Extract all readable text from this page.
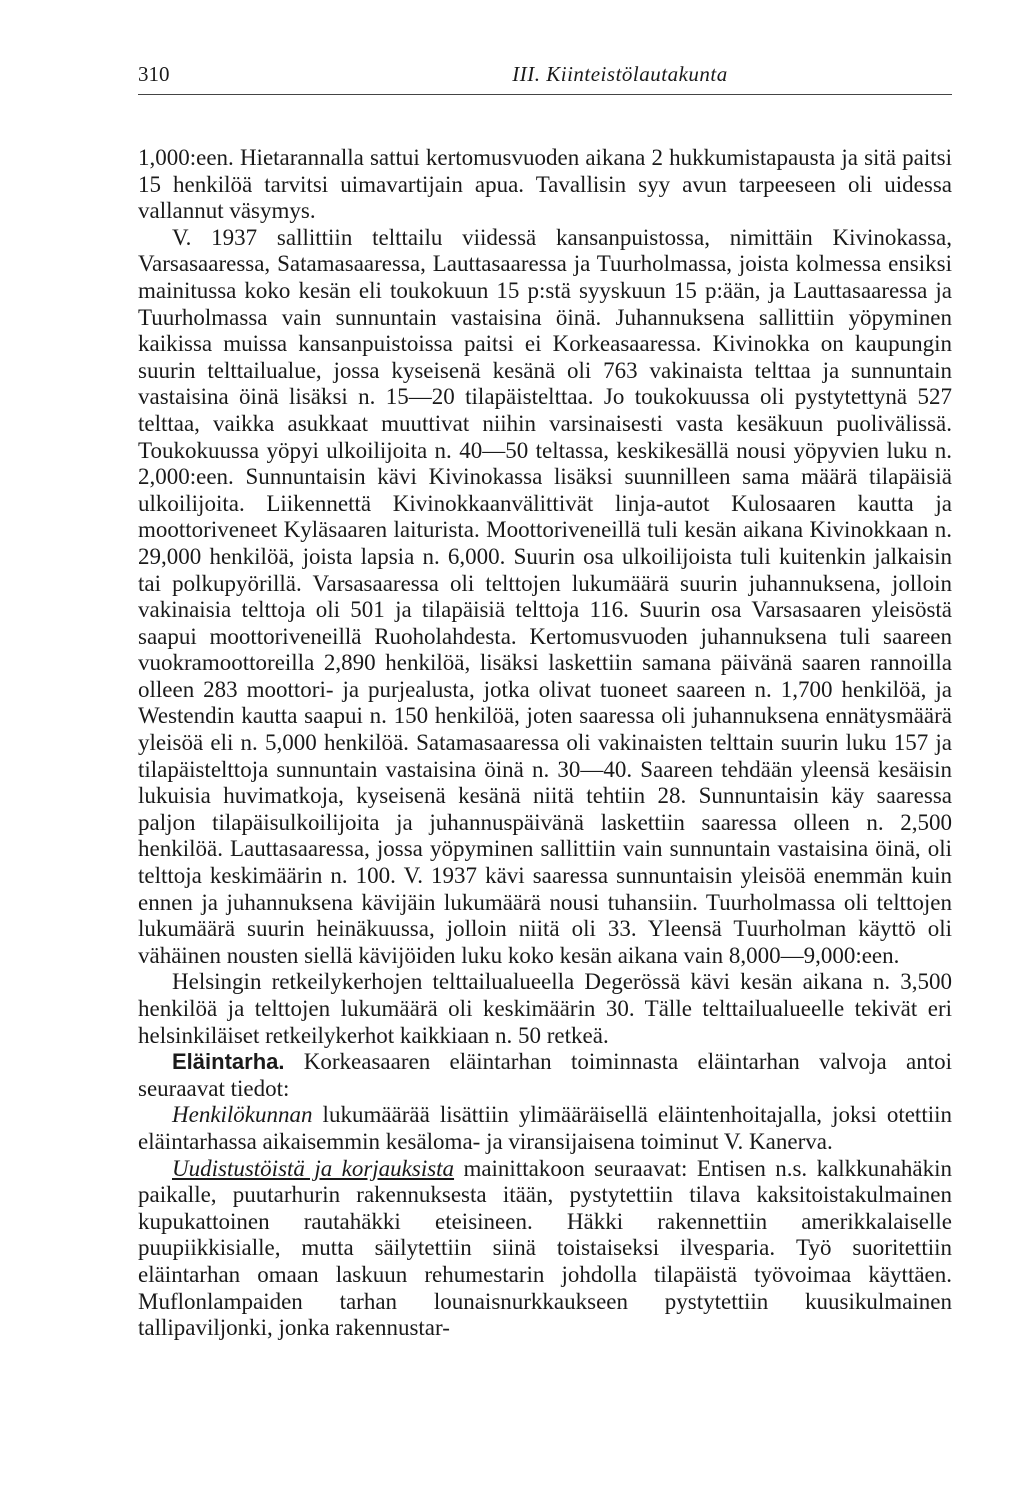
310	III. Kiinteistölautakunta

1,000:een. Hietarannalla sattui kertomusvuoden aikana 2 hukkumistapausta ja sitä paitsi 15 henkilöä tarvitsi uimavartijain apua. Tavallisin syy avun tarpeeseen oli uidessa vallannut väsymys.

V. 1937 sallittiin telttailu viidessä kansanpuistossa, nimittäin Kivinokassa, Varsasaaressa, Satamasaaressa, Lauttasaaressa ja Tuurholmassa, joista kolmessa ensiksi mainitussa koko kesän eli toukokuun 15 p:stä syyskuun 15 p:ään, ja Lauttasaaressa ja Tuurholmassa vain sunnuntain vastaisina öinä. Juhannuksena sallittiin yöpyminen kaikissa muissa kansanpuistoissa paitsi ei Korkeasaaressa. Kivinokka on kaupungin suurin telttailualue, jossa kyseisenä kesänä oli 763 vakinaista telttaa ja sunnuntain vastaisina öinä lisäksi n. 15—20 tilapäistelttaa. Jo toukokuussa oli pystytettynä 527 telttaa, vaikka asukkaat muuttivat niihin varsinaisesti vasta kesäkuun puolivälissä. Toukokuussa yöpyi ulkoilijoita n. 40—50 teltassa, keskikesällä nousi yöpyvien luku n. 2,000:een. Sunnuntaisin kävi Kivinokassa lisäksi suunnilleen sama määrä tilapäisiä ulkoilijoita. Liikennettä Kivinokkaanvälittivät linja-autot Kulosaaren kautta ja moottoriveneet Kyläsaaren laiturista. Moottoriveneillä tuli kesän aikana Kivinokkaan n. 29,000 henkilöä, joista lapsia n. 6,000. Suurin osa ulkoilijoista tuli kuitenkin jalkaisin tai polkupyörillä. Varsasaaressa oli telttojen lukumäärä suurin juhannuksena, jolloin vakinaisia telttoja oli 501 ja tilapäisiä telttoja 116. Suurin osa Varsasaaren yleisöstä saapui moottoriveneillä Ruoholahdesta. Kertomusvuoden juhannuksena tuli saareen vuokramoottoreilla 2,890 henkilöä, lisäksi laskettiin samana päivänä saaren rannoilla olleen 283 moottori- ja purjealusta, jotka olivat tuoneet saareen n. 1,700 henkilöä, ja Westendin kautta saapui n. 150 henkilöä, joten saaressa oli juhannuksena ennätysmäärä yleisöä eli n. 5,000 henkilöä. Satamasaaressa oli vakinaisten telttain suurin luku 157 ja tilapäistelttoja sunnuntain vastaisina öinä n. 30—40. Saareen tehdään yleensä kesäisin lukuisia huvimatkoja, kyseisenä kesänä niitä tehtiin 28. Sunnuntaisin käy saaressa paljon tilapäisulkoilijoita ja juhannuspäivänä laskettiin saaressa olleen n. 2,500 henkilöä. Lauttasaaressa, jossa yöpyminen sallittiin vain sunnuntain vastaisina öinä, oli telttoja keskimäärin n. 100. V. 1937 kävi saaressa sunnuntaisin yleisöä enemmän kuin ennen ja juhannuksena kävijäin lukumäärä nousi tuhansiin. Tuurholmassa oli telttojen lukumäärä suurin heinäkuussa, jolloin niitä oli 33. Yleensä Tuurholman käyttö oli vähäinen nousten siellä kävijöiden luku koko kesän aikana vain 8,000—9,000:een.

Helsingin retkeilykerhojen telttailualueella Degerössä kävi kesän aikana n. 3,500 henkilöä ja telttojen lukumäärä oli keskimäärin 30. Tälle telttailualueelle tekivät eri helsinkiläiset retkeilykerhot kaikkiaan n. 50 retkeä.

Eläintarha. Korkeasaaren eläintarhan toiminnasta eläintarhan valvoja antoi seuraavat tiedot:

Henkilökunnan lukumäärää lisättiin ylimääräisellä eläintenhoitajalla, joksi otettiin eläintarhassa aikaisemmin kesäloma- ja viransijaisena toiminut V. Kanerva.

Uudistustöistä ja korjauksista mainittakoon seuraavat: Entisen n.s. kalkkunahäkin paikalle, puutarhurin rakennuksesta itään, pystytettiin tilava kaksitoistakulmainen kupukattoinen rautahäkki eteisineen. Häkki rakennettiin amerikkalaiselle puupiikkisialle, mutta säilytettiin siinä toistaiseksi ilvespariа. Työ suoritettiin eläintarhan omaan laskuun rehumestarin johdolla tilapäistä työvoimaa käyttäen. Muflonlampaiden tarhan lounaisnurkkaukseen pystytettiin kuusikulmainen tallipaviljonki, jonka rakennustar-
